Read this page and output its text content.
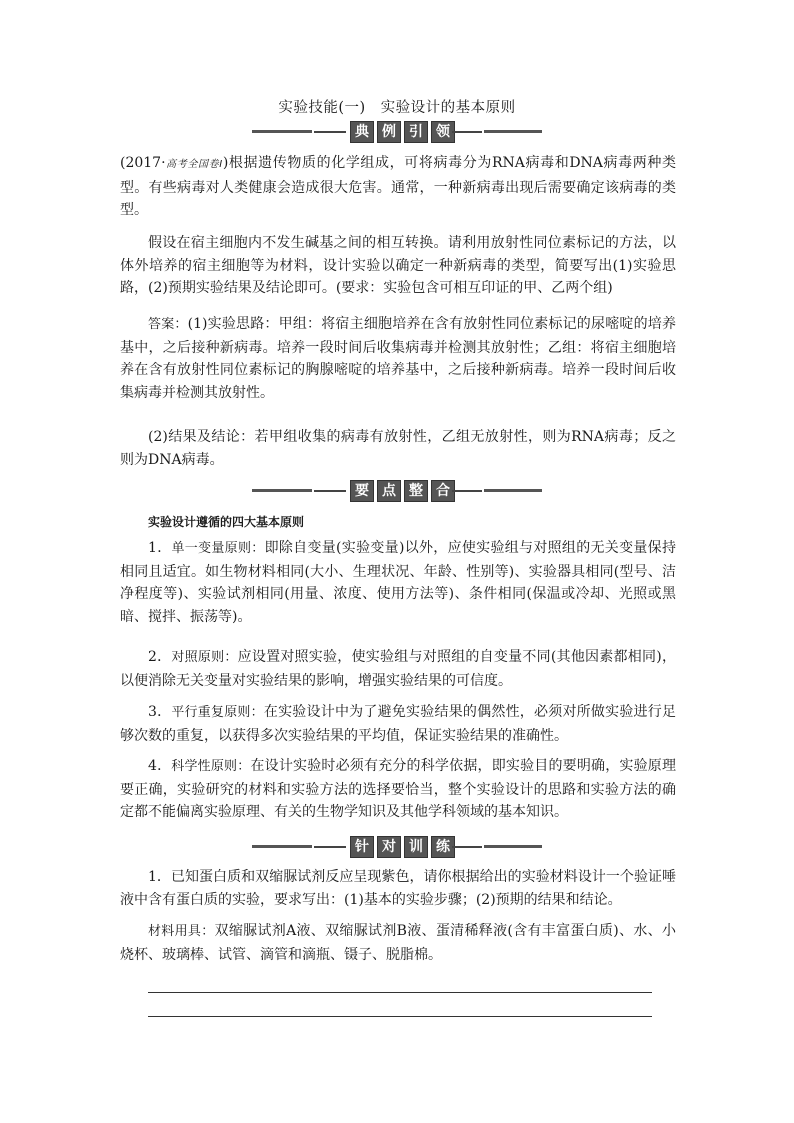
实验技能(一)　实验设计的基本原则
典 例 引 领
(2017·高考全国卷Ⅰ)根据遗传物质的化学组成，可将病毒分为RNA病毒和DNA病毒两种类型。有些病毒对人类健康会造成很大危害。通常，一种新病毒出现后需要确定该病毒的类型。
假设在宿主细胞内不发生碱基之间的相互转换。请利用放射性同位素标记的方法，以体外培养的宿主细胞等为材料，设计实验以确定一种新病毒的类型，简要写出(1)实验思路，(2)预期实验结果及结论即可。(要求：实验包含可相互印证的甲、乙两个组)
答案：(1)实验思路：甲组：将宿主细胞培养在含有放射性同位素标记的尿嘧啶的培养基中，之后接种新病毒。培养一段时间后收集病毒并检测其放射性；乙组：将宿主细胞培养在含有放射性同位素标记的胸腺嘧啶的培养基中，之后接种新病毒。培养一段时间后收集病毒并检测其放射性。
(2)结果及结论：若甲组收集的病毒有放射性，乙组无放射性，则为RNA病毒；反之则为DNA病毒。
要 点 整 合
实验设计遵循的四大基本原则
1．单一变量原则：即除自变量(实验变量)以外，应使实验组与对照组的无关变量保持相同且适宜。如生物材料相同(大小、生理状况、年龄、性别等)、实验器具相同(型号、洁净程度等)、实验试剂相同(用量、浓度、使用方法等)、条件相同(保温或冷却、光照或黑暗、搅拌、振荡等)。
2．对照原则：应设置对照实验，使实验组与对照组的自变量不同(其他因素都相同)，以便消除无关变量对实验结果的影响，增强实验结果的可信度。
3．平行重复原则：在实验设计中为了避免实验结果的偶然性，必须对所做实验进行足够次数的重复，以获得多次实验结果的平均值，保证实验结果的准确性。
4．科学性原则：在设计实验时必须有充分的科学依据，即实验目的要明确，实验原理要正确，实验研究的材料和实验方法的选择要恰当，整个实验设计的思路和实验方法的确定都不能偏离实验原理、有关的生物学知识及其他学科领域的基本知识。
针 对 训 练
1．已知蛋白质和双缩脲试剂反应呈现紫色，请你根据给出的实验材料设计一个验证唾液中含有蛋白质的实验，要求写出：(1)基本的实验步骤；(2)预期的结果和结论。
材料用具：双缩脲试剂A液、双缩脲试剂B液、蛋清稀释液(含有丰富蛋白质)、水、小烧杯、玻璃棒、试管、滴管和滴瓶、镊子、脱脂棉。
